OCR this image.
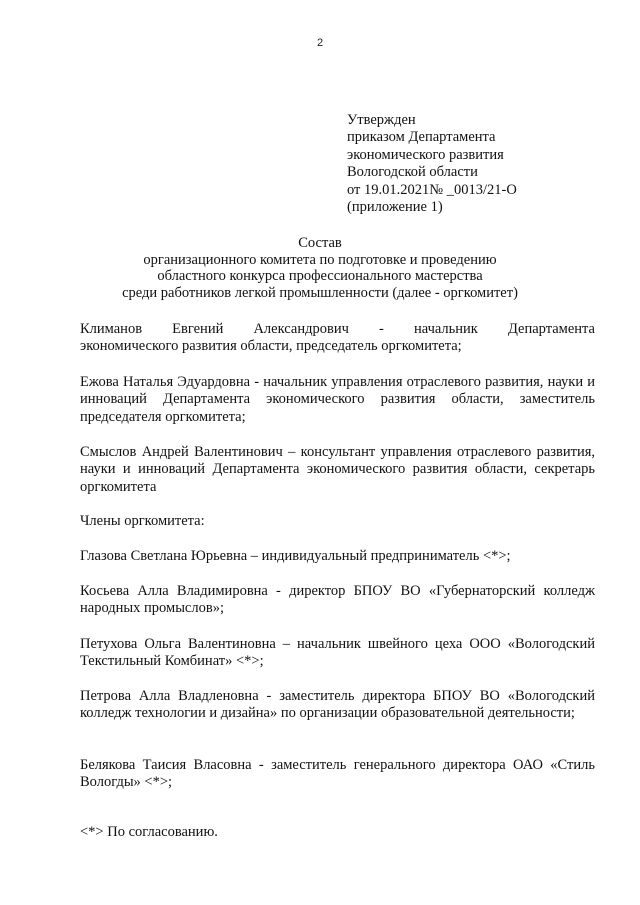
2
Утвержден
приказом Департамента
экономического развития
Вологодской области
от 19.01.2021№ _0013/21-О
(приложение 1)
Состав
организационного комитета по подготовке и проведению
областного конкурса профессионального мастерства
среди работников легкой промышленности (далее - оргкомитет)
Климанов Евгений Александрович - начальник Департамента
экономического развития области, председатель оргкомитета;
Ежова Наталья Эдуардовна - начальник управления отраслевого развития, науки и инноваций Департамента экономического развития области, заместитель председателя оргкомитета;
Смыслов Андрей Валентинович – консультант управления отраслевого развития, науки и инноваций Департамента экономического развития области, секретарь оргкомитета
Члены оргкомитета:
Глазова Светлана Юрьевна – индивидуальный предприниматель <*>;
Косьева Алла Владимировна - директор БПОУ ВО «Губернаторский колледж народных промыслов»;
Петухова Ольга Валентиновна – начальник швейного цеха ООО «Вологодский Текстильный Комбинат» <*>;
Петрова Алла Владленовна - заместитель директора БПОУ ВО «Вологодский колледж технологии и дизайна» по организации образовательной деятельности;
Белякова Таисия Власовна - заместитель генерального директора ОАО «Стиль Вологды» <*>;
<*> По согласованию.
